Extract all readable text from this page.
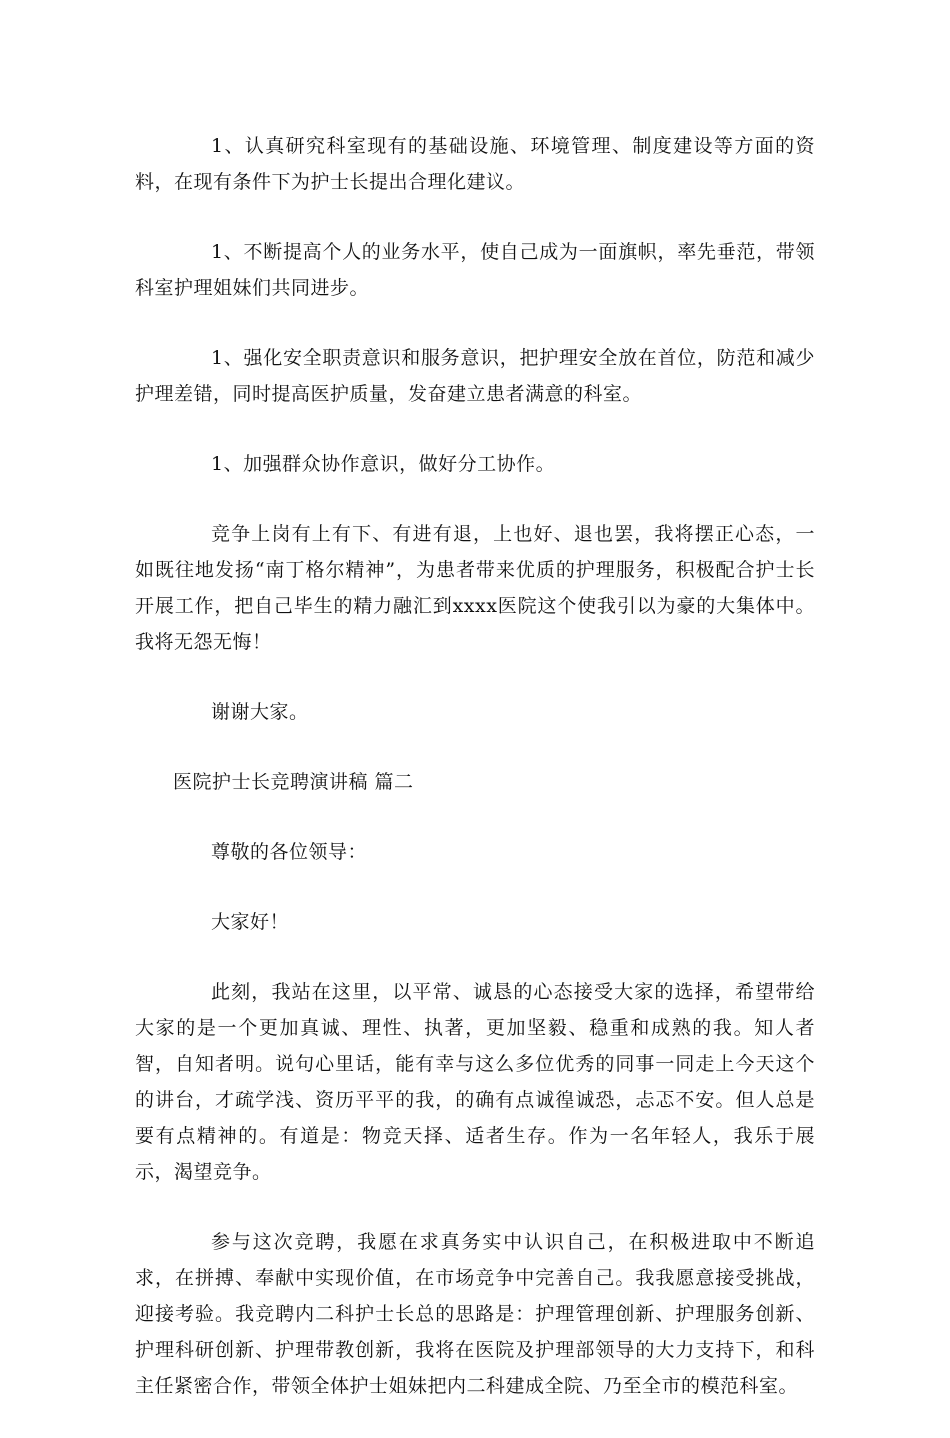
1、认真研究科室现有的基础设施、环境管理、制度建设等方面的资料，在现有条件下为护士长提出合理化建议。

1、不断提高个人的业务水平，使自己成为一面旗帜，率先垂范，带领科室护理姐妹们共同进步。

1、强化安全职责意识和服务意识，把护理安全放在首位，防范和减少护理差错，同时提高医护质量，发奋建立患者满意的科室。

1、加强群众协作意识，做好分工协作。

竞争上岗有上有下、有进有退，上也好、退也罢，我将摆正心态，一如既往地发扬“南丁格尔精神”，为患者带来优质的护理服务，积极配合护士长开展工作，把自己毕生的精力融汇到xxxx医院这个使我引以为豪的大集体中。我将无怨无悔！

谢谢大家。

医院护士长竞聘演讲稿 篇二

尊敬的各位领导：

大家好！

此刻，我站在这里，以平常、诚恳的心态接受大家的选择，希望带给大家的是一个更加真诚、理性、执著，更加坚毅、稳重和成熟的我。知人者智，自知者明。说句心里话，能有幸与这么多位优秀的同事一同走上今天这个的讲台，才疏学浅、资历平平的我，的确有点诚徨诚恐，忐忑不安。但人总是要有点精神的。有道是：物竞天择、适者生存。作为一名年轻人，我乐于展示，渴望竞争。

参与这次竞聘，我愿在求真务实中认识自己，在积极进取中不断追求，在拼搏、奉献中实现价值，在市场竞争中完善自己。我我愿意接受挑战，迎接考验。我竞聘内二科护士长总的思路是：护理管理创新、护理服务创新、护理科研创新、护理带教创新，我将在医院及护理部领导的大力支持下，和科主任紧密合作，带领全体护士姐妹把内二科建成全院、乃至全市的模范科室。
